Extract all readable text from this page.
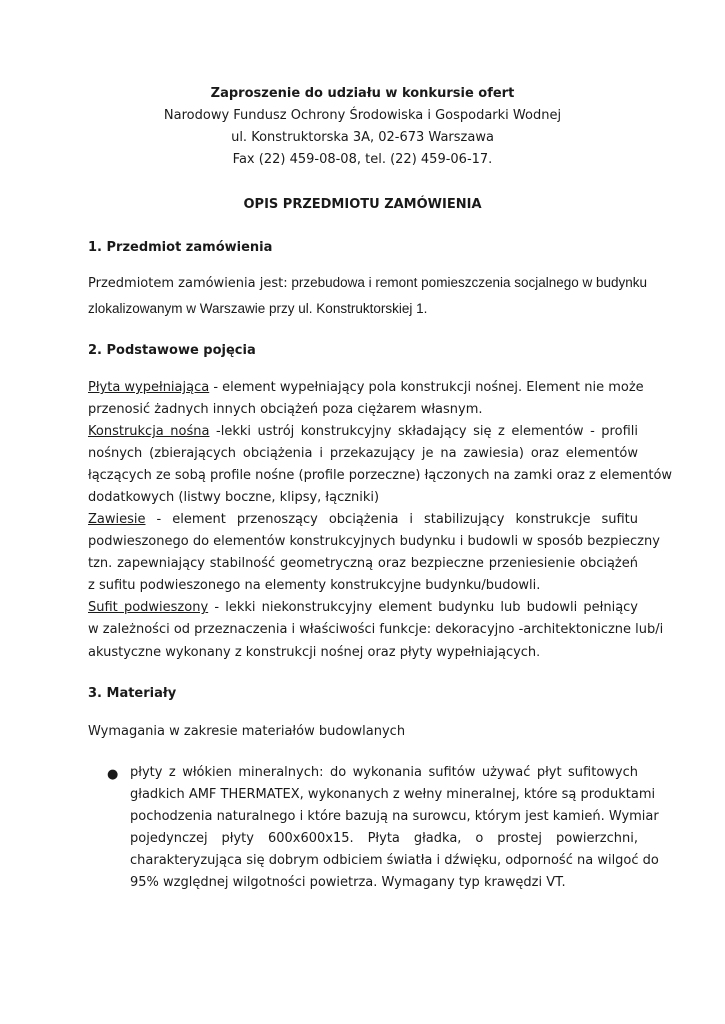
Zaproszenie do udziału w konkursie ofert
Narodowy Fundusz Ochrony Środowiska i Gospodarki Wodnej
ul. Konstruktorska 3A, 02-673 Warszawa
Fax (22) 459-08-08, tel. (22) 459-06-17.
OPIS PRZEDMIOTU ZAMÓWIENIA
1. Przedmiot zamówienia
Przedmiotem zamówienia jest: przebudowa i remont pomieszczenia socjalnego w budynku
zlokalizowanym w Warszawie przy ul. Konstruktorskiej 1.
2. Podstawowe pojęcia
Płyta wypełniająca - element wypełniający pola konstrukcji nośnej. Element nie może
przenosić żadnych innych obciążeń poza ciężarem własnym.
Konstrukcja nośna -lekki ustrój konstrukcyjny składający się z elementów - profili
nośnych (zbierających obciążenia i przekazujący je na zawiesia) oraz elementów
łączących ze sobą profile nośne (profile porzeczne) łączonych na zamki oraz z elementów
dodatkowych (listwy boczne, klipsy, łączniki)
Zawiesie - element przenoszący obciążenia i stabilizujący konstrukcje sufitu
podwieszonego do elementów konstrukcyjnych budynku i budowli w sposób bezpieczny
tzn. zapewniający stabilność geometryczną oraz bezpieczne przeniesienie obciążeń
z sufitu podwieszonego na elementy konstrukcyjne budynku/budowli.
Sufit podwieszony - lekki niekonstrukcyjny element budynku lub budowli pełniący
w zależności od przeznaczenia i właściwości funkcje: dekoracyjno -architektoniczne lub/i
akustyczne wykonany z konstrukcji nośnej oraz płyty wypełniających.
3. Materiały
Wymagania w zakresie materiałów budowlanych
● płyty z włókien mineralnych: do wykonania sufitów używać płyt sufitowych
gładkich AMF THERMATEX, wykonanych z wełny mineralnej, które są produktami
pochodzenia naturalnego i które bazują na surowcu, którym jest kamień. Wymiar
pojedynczej płyty 600x600x15. Płyta gładka, o prostej powierzchni,
charakteryzująca się dobrym odbiciem światła i dźwięku, odporność na wilgoć do
95% względnej wilgotności powietrza. Wymagany typ krawędzi VT.
